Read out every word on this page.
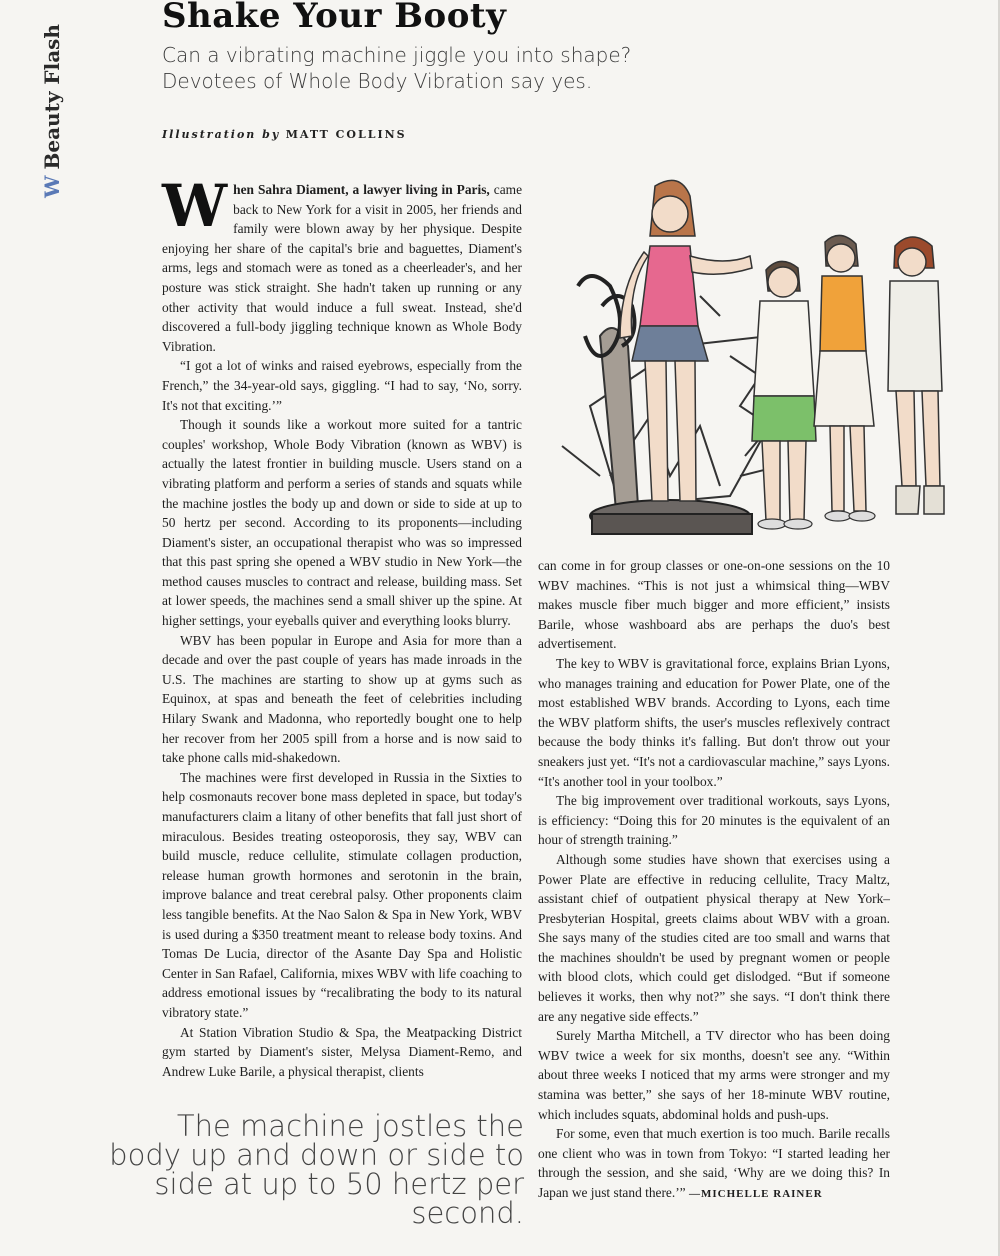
WBeauty Flash
Shake Your Booty
Can a vibrating machine jiggle you into shape? Devotees of Whole Body Vibration say yes.
Illustration by MATT COLLINS

When Sahra Diament, a lawyer living in Paris, came back to New York for a visit in 2005, her friends and family were blown away by her physique. Despite enjoying her share of the capital's brie and baguettes, Diament's arms, legs and stomach were as toned as a cheerleader's, and her posture was stick straight. She hadn't taken up running or any other activity that would induce a full sweat. Instead, she'd discovered a full-body jiggling technique known as Whole Body Vibration.

“I got a lot of winks and raised eyebrows, especially from the French,” the 34-year-old says, giggling. “I had to say, ‘No, sorry. It's not that exciting.’”

Though it sounds like a workout more suited for a tantric couples' workshop, Whole Body Vibration (known as WBV) is actually the latest frontier in building muscle. Users stand on a vibrating platform and perform a series of stands and squats while the machine jostles the body up and down or side to side at up to 50 hertz per second. According to its proponents—including Diament's sister, an occupational therapist who was so impressed that this past spring she opened a WBV studio in New York—the method causes muscles to contract and release, building mass. Set at lower speeds, the machines send a small shiver up the spine. At higher settings, your eyeballs quiver and everything looks blurry.

WBV has been popular in Europe and Asia for more than a decade and over the past couple of years has made inroads in the U.S. The machines are starting to show up at gyms such as Equinox, at spas and beneath the feet of celebrities including Hilary Swank and Madonna, who reportedly bought one to help her recover from her 2005 spill from a horse and is now said to take phone calls mid-shakedown.

The machines were first developed in Russia in the Sixties to help cosmonauts recover bone mass depleted in space, but today's manufacturers claim a litany of other benefits that fall just short of miraculous. Besides treating osteoporosis, they say, WBV can build muscle, reduce cellulite, stimulate collagen production, release human growth hormones and serotonin in the brain, improve balance and treat cerebral palsy. Other proponents claim less tangible benefits. At the Nao Salon & Spa in New York, WBV is used during a $350 treatment meant to release body toxins. And Tomas De Lucia, director of the Asante Day Spa and Holistic Center in San Rafael, California, mixes WBV with life coaching to address emotional issues by “recalibrating the body to its natural vibratory state.”

At Station Vibration Studio & Spa, the Meatpacking District gym started by Diament's sister, Melysa Diament-Remo, and Andrew Luke Barile, a physical therapist, clients

can come in for group classes or one-on-one sessions on the 10 WBV machines. “This is not just a whimsical thing—WBV makes muscle fiber much bigger and more efficient,” insists Barile, whose washboard abs are perhaps the duo's best advertisement.

The key to WBV is gravitational force, explains Brian Lyons, who manages training and education for Power Plate, one of the most established WBV brands. According to Lyons, each time the WBV platform shifts, the user's muscles reflexively contract because the body thinks it's falling. But don't throw out your sneakers just yet. “It's not a cardiovascular machine,” says Lyons. “It's another tool in your toolbox.”

The big improvement over traditional workouts, says Lyons, is efficiency: “Doing this for 20 minutes is the equivalent of an hour of strength training.”

Although some studies have shown that exercises using a Power Plate are effective in reducing cellulite, Tracy Maltz, assistant chief of outpatient physical therapy at New York–Presbyterian Hospital, greets claims about WBV with a groan. She says many of the studies cited are too small and warns that the machines shouldn't be used by pregnant women or people with blood clots, which could get dislodged. “But if someone believes it works, then why not?” she says. “I don't think there are any negative side effects.”

Surely Martha Mitchell, a TV director who has been doing WBV twice a week for six months, doesn't see any. “Within about three weeks I noticed that my arms were stronger and my stamina was better,” she says of her 18-minute WBV routine, which includes squats, abdominal holds and push-ups.

For some, even that much exertion is too much. Barile recalls one client who was in town from Tokyo: “I started leading her through the session, and she said, ‘Why are we doing this? In Japan we just stand there.’” —MICHELLE RAINER

The machine jostles the body up and down or side to side at up to 50 hertz per second.
